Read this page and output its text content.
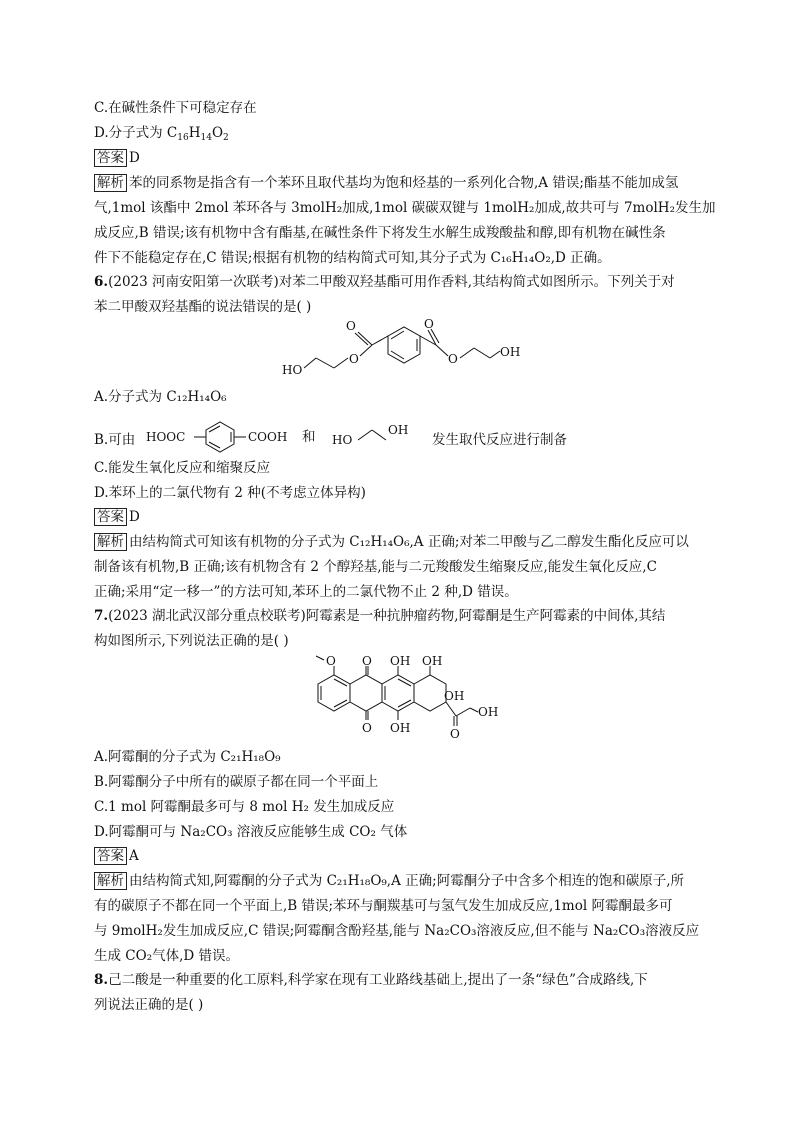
C.在碱性条件下可稳定存在
D.分子式为 $C_{16}H_{14}O_2$
答案 D
解析 苯的同系物是指含有一个苯环且取代基均为饱和烃基的一系列化合物,A 错误;酯基不能加成氢
气,1mol 该酯中 2mol 苯环各与 3molH₂加成,1mol 碳碳双键与 1molH₂加成,故共可与 7molH₂发生加
成反应,B 错误;该有机物中含有酯基,在碱性条件下将发生水解生成羧酸盐和醇,即有机物在碱性条
件下不能稳定存在,C 错误;根据有机物的结构简式可知,其分子式为 C₁₆H₁₄O₂,D 正确。
6.(2023 河南安阳第一次联考)对苯二甲酸双羟基酯可用作香料,其结构简式如图所示。下列关于对
苯二甲酸双羟基酯的说法错误的是( )
O
O
O
O
HO
OH
A.分子式为 C₁₂H₁₄O₆
B.可由 HOOC	COOH 和 HO
OH
发生取代反应进行制备
C.能发生氧化反应和缩聚反应
D.苯环上的二氯代物有 2 种(不考虑立体异构)
答案 D
解析 由结构简式可知该有机物的分子式为 C₁₂H₁₄O₆,A 正确;对苯二甲酸与乙二醇发生酯化反应可以
制备该有机物,B 正确;该有机物含有 2 个醇羟基,能与二元羧酸发生缩聚反应,能发生氧化反应,C
正确;采用“定一移一”的方法可知,苯环上的二氯代物不止 2 种,D 错误。
7.(2023 湖北武汉部分重点校联考)阿霉素是一种抗肿瘤药物,阿霉酮是生产阿霉素的中间体,其结
构如图所示,下列说法正确的是( )
O O
O	O
OH OH
OH
OH
OH
A.阿霉酮的分子式为 C₂₁H₁₈O₉
B.阿霉酮分子中所有的碳原子都在同一个平面上
C.1 mol 阿霉酮最多可与 8 mol H₂ 发生加成反应
D.阿霉酮可与 Na₂CO₃ 溶液反应能够生成 CO₂ 气体
答案 A
解析 由结构简式知,阿霉酮的分子式为 C₂₁H₁₈O₉,A 正确;阿霉酮分子中含多个相连的饱和碳原子,所
有的碳原子不都在同一个平面上,B 错误;苯环与酮羰基可与氢气发生加成反应,1mol 阿霉酮最多可
与 9molH₂发生加成反应,C 错误;阿霉酮含酚羟基,能与 Na₂CO₃溶液反应,但不能与 Na₂CO₃溶液反应
生成 CO₂气体,D 错误。
8.己二酸是一种重要的化工原料,科学家在现有工业路线基础上,提出了一条“绿色”合成路线,下
列说法正确的是( )
